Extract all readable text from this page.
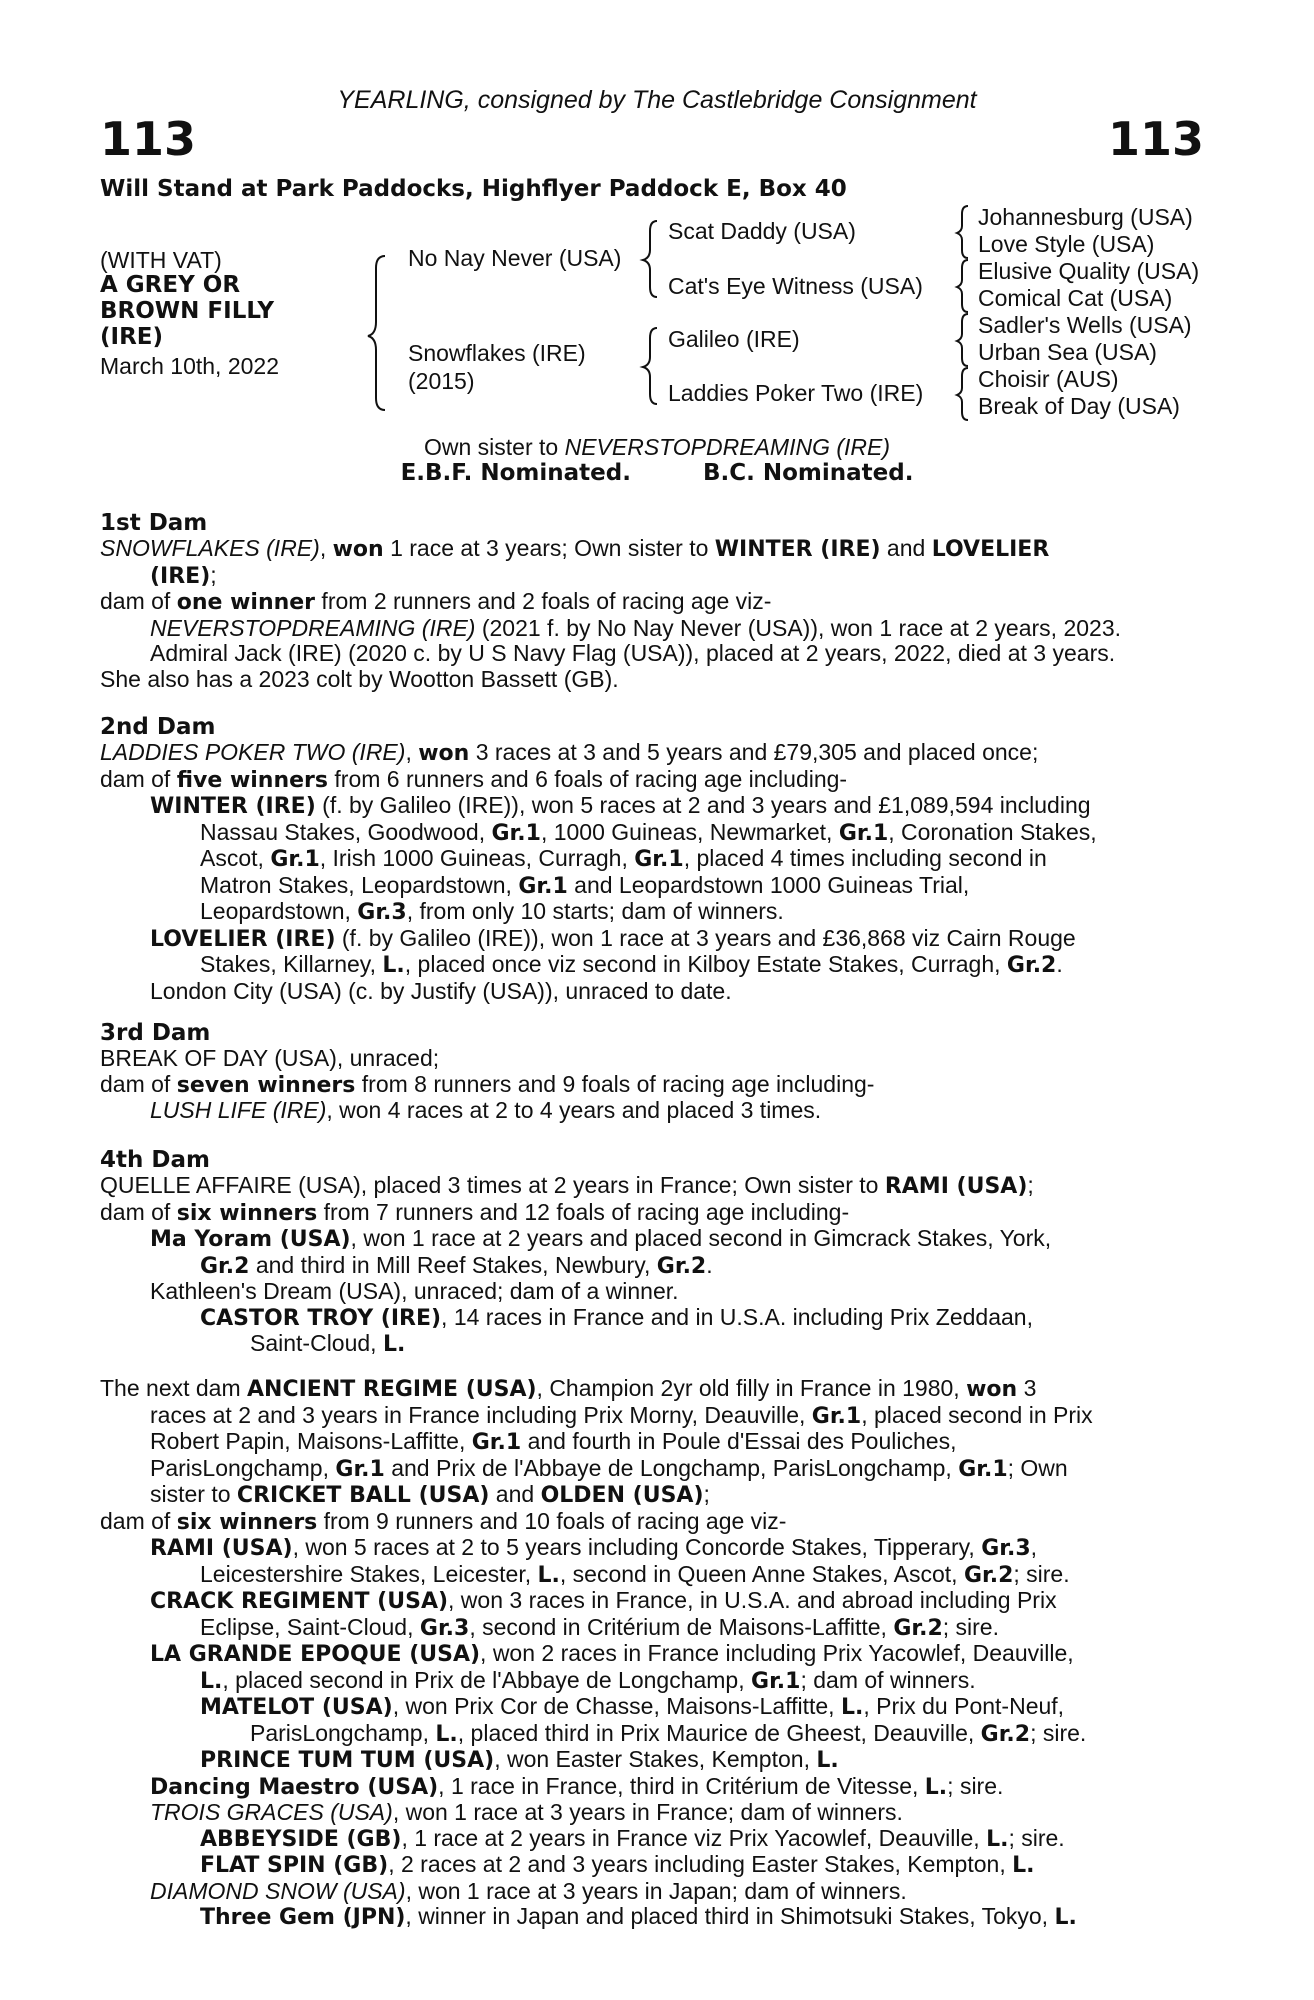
YEARLING, consigned by The Castlebridge Consignment
113	113
Will Stand at Park Paddocks, Highflyer Paddock E, Box 40
(WITH VAT)
A GREY OR
BROWN FILLY
(IRE)
March 10th, 2022
No Nay Never (USA)
Snowflakes (IRE)
(2015)
Scat Daddy (USA)
Cat's Eye Witness (USA)
Galileo (IRE)
Laddies Poker Two (IRE)
Johannesburg (USA)
Love Style (USA)
Elusive Quality (USA)
Comical Cat (USA)
Sadler's Wells (USA)
Urban Sea (USA)
Choisir (AUS)
Break of Day (USA)
Own sister to NEVERSTOPDREAMING (IRE)
E.B.F. Nominated.	B.C. Nominated.
1st Dam
SNOWFLAKES (IRE), won 1 race at 3 years; Own sister to WINTER (IRE) and LOVELIER
(IRE);
dam of one winner from 2 runners and 2 foals of racing age viz-
NEVERSTOPDREAMING (IRE) (2021 f. by No Nay Never (USA)), won 1 race at 2 years, 2023.
Admiral Jack (IRE) (2020 c. by U S Navy Flag (USA)), placed at 2 years, 2022, died at 3 years.
She also has a 2023 colt by Wootton Bassett (GB).
2nd Dam
LADDIES POKER TWO (IRE), won 3 races at 3 and 5 years and £79,305 and placed once;
dam of five winners from 6 runners and 6 foals of racing age including-
WINTER (IRE) (f. by Galileo (IRE)), won 5 races at 2 and 3 years and £1,089,594 including
Nassau Stakes, Goodwood, Gr.1, 1000 Guineas, Newmarket, Gr.1, Coronation Stakes,
Ascot, Gr.1, Irish 1000 Guineas, Curragh, Gr.1, placed 4 times including second in
Matron Stakes, Leopardstown, Gr.1 and Leopardstown 1000 Guineas Trial,
Leopardstown, Gr.3, from only 10 starts; dam of winners.
LOVELIER (IRE) (f. by Galileo (IRE)), won 1 race at 3 years and £36,868 viz Cairn Rouge
Stakes, Killarney, L., placed once viz second in Kilboy Estate Stakes, Curragh, Gr.2.
London City (USA) (c. by Justify (USA)), unraced to date.
3rd Dam
BREAK OF DAY (USA), unraced;
dam of seven winners from 8 runners and 9 foals of racing age including-
LUSH LIFE (IRE), won 4 races at 2 to 4 years and placed 3 times.
4th Dam
QUELLE AFFAIRE (USA), placed 3 times at 2 years in France; Own sister to RAMI (USA);
dam of six winners from 7 runners and 12 foals of racing age including-
Ma Yoram (USA), won 1 race at 2 years and placed second in Gimcrack Stakes, York,
Gr.2 and third in Mill Reef Stakes, Newbury, Gr.2.
Kathleen's Dream (USA), unraced; dam of a winner.
CASTOR TROY (IRE), 14 races in France and in U.S.A. including Prix Zeddaan,
Saint-Cloud, L.
The next dam ANCIENT REGIME (USA), Champion 2yr old filly in France in 1980, won 3
races at 2 and 3 years in France including Prix Morny, Deauville, Gr.1, placed second in Prix
Robert Papin, Maisons-Laffitte, Gr.1 and fourth in Poule d'Essai des Pouliches,
ParisLongchamp, Gr.1 and Prix de l'Abbaye de Longchamp, ParisLongchamp, Gr.1; Own
sister to CRICKET BALL (USA) and OLDEN (USA);
dam of six winners from 9 runners and 10 foals of racing age viz-
RAMI (USA), won 5 races at 2 to 5 years including Concorde Stakes, Tipperary, Gr.3,
Leicestershire Stakes, Leicester, L., second in Queen Anne Stakes, Ascot, Gr.2; sire.
CRACK REGIMENT (USA), won 3 races in France, in U.S.A. and abroad including Prix
Eclipse, Saint-Cloud, Gr.3, second in Critérium de Maisons-Laffitte, Gr.2; sire.
LA GRANDE EPOQUE (USA), won 2 races in France including Prix Yacowlef, Deauville,
L., placed second in Prix de l'Abbaye de Longchamp, Gr.1; dam of winners.
MATELOT (USA), won Prix Cor de Chasse, Maisons-Laffitte, L., Prix du Pont-Neuf,
ParisLongchamp, L., placed third in Prix Maurice de Gheest, Deauville, Gr.2; sire.
PRINCE TUM TUM (USA), won Easter Stakes, Kempton, L.
Dancing Maestro (USA), 1 race in France, third in Critérium de Vitesse, L.; sire.
TROIS GRACES (USA), won 1 race at 3 years in France; dam of winners.
ABBEYSIDE (GB), 1 race at 2 years in France viz Prix Yacowlef, Deauville, L.; sire.
FLAT SPIN (GB), 2 races at 2 and 3 years including Easter Stakes, Kempton, L.
DIAMOND SNOW (USA), won 1 race at 3 years in Japan; dam of winners.
Three Gem (JPN), winner in Japan and placed third in Shimotsuki Stakes, Tokyo, L.
